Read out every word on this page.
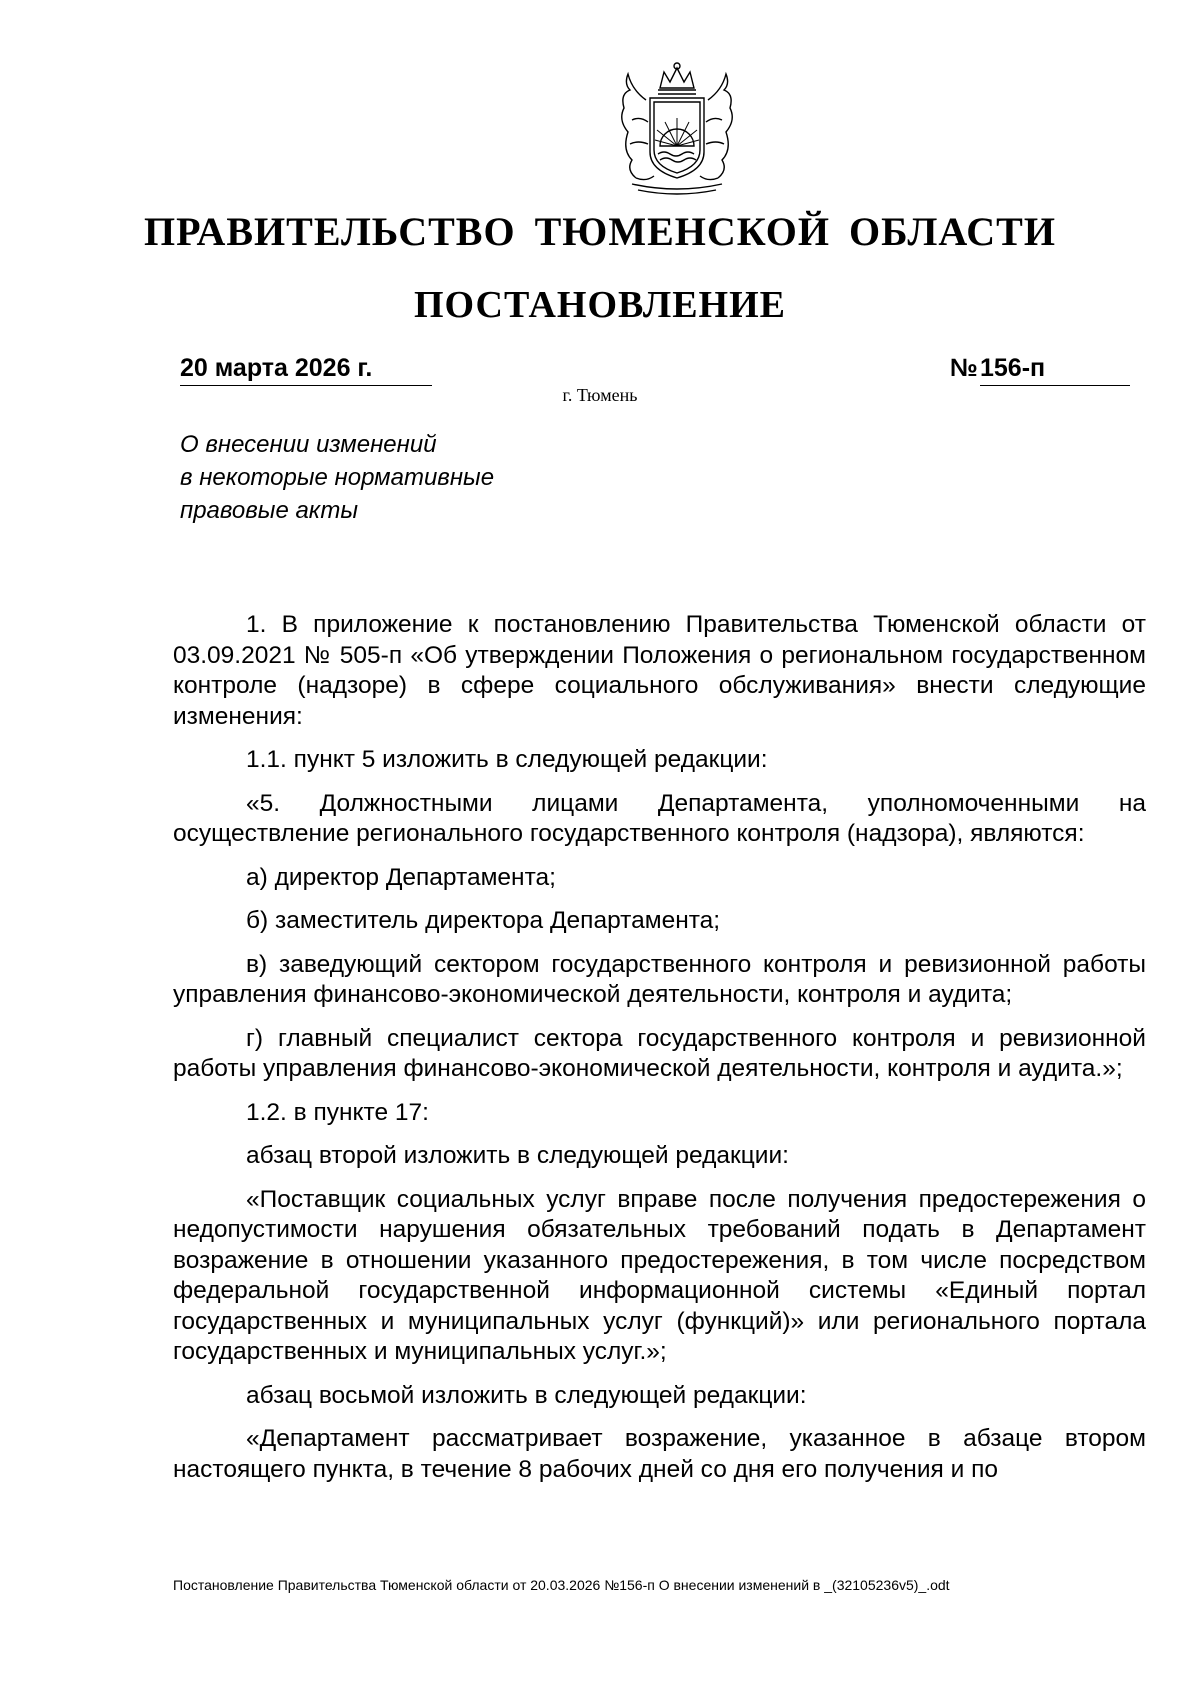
ПРАВИТЕЛЬСТВО ТЮМЕНСКОЙ ОБЛАСТИ
ПОСТАНОВЛЕНИЕ
20 марта 2026 г.	№156-п
г. Тюмень
О внесении изменений
в некоторые нормативные
правовые акты

1. В приложение к постановлению Правительства Тюменской области от 03.09.2021 № 505-п «Об утверждении Положения о региональном государственном контроле (надзоре) в сфере социального обслуживания» внести следующие изменения:

1.1. пункт 5 изложить в следующей редакции:

«5. Должностными лицами Департамента, уполномоченными на осуществление регионального государственного контроля (надзора), являются:

а) директор Департамента;

б) заместитель директора Департамента;

в) заведующий сектором государственного контроля и ревизионной работы управления финансово-экономической деятельности, контроля и аудита;

г) главный специалист сектора государственного контроля и ревизионной работы управления финансово-экономической деятельности, контроля и аудита.»;

1.2. в пункте 17:

абзац второй изложить в следующей редакции:

«Поставщик социальных услуг вправе после получения предостережения о недопустимости нарушения обязательных требований подать в Департамент возражение в отношении указанного предостережения, в том числе посредством федеральной государственной информационной системы «Единый портал государственных и муниципальных услуг (функций)» или регионального портала государственных и муниципальных услуг.»;

абзац восьмой изложить в следующей редакции:

«Департамент рассматривает возражение, указанное в абзаце втором настоящего пункта, в течение 8 рабочих дней со дня его получения и по

Постановление Правительства Тюменской области от 20.03.2026 №156-п О внесении изменений в _(32105236v5)_.odt
